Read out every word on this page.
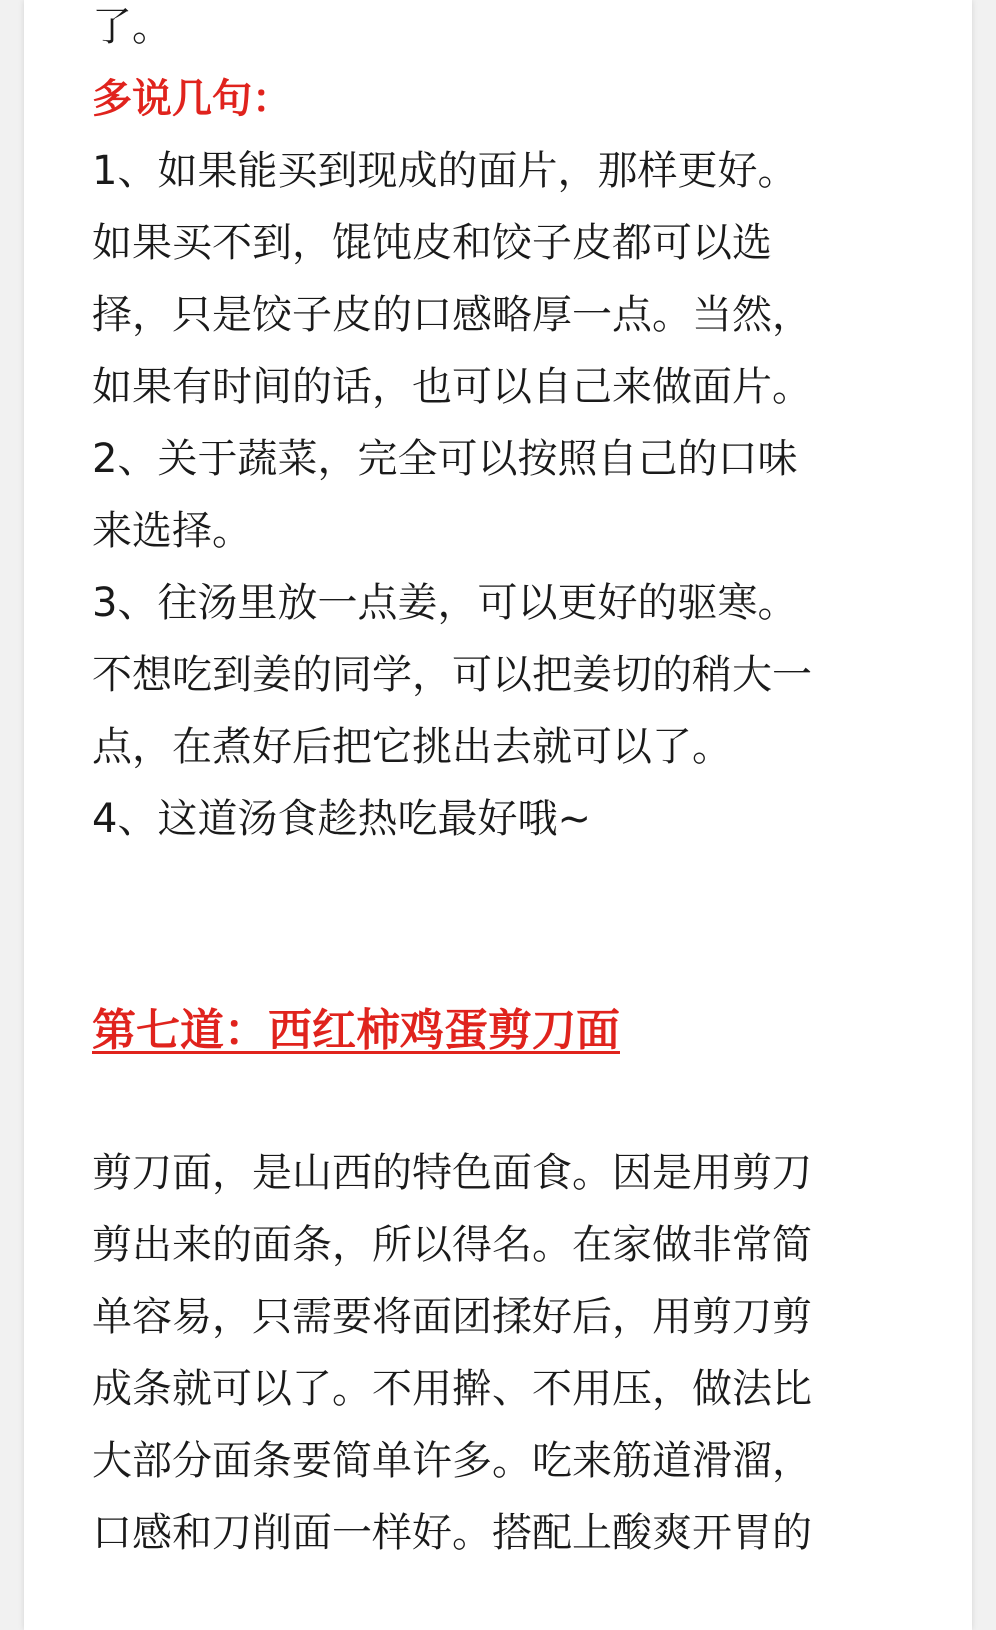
了。
多说几句：
1、如果能买到现成的面片，那样更好。
如果买不到，馄饨皮和饺子皮都可以选
择，只是饺子皮的口感略厚一点。当然，
如果有时间的话，也可以自己来做面片。
2、关于蔬菜，完全可以按照自己的口味
来选择。
3、往汤里放一点姜，可以更好的驱寒。
不想吃到姜的同学，可以把姜切的稍大一
点，在煮好后把它挑出去就可以了。
4、这道汤食趁热吃最好哦~
第七道：西红柿鸡蛋剪刀面
剪刀面，是山西的特色面食。因是用剪刀
剪出来的面条，所以得名。在家做非常简
单容易，只需要将面团揉好后，用剪刀剪
成条就可以了。不用擀、不用压，做法比
大部分面条要简单许多。吃来筋道滑溜，
口感和刀削面一样好。搭配上酸爽开胃的
